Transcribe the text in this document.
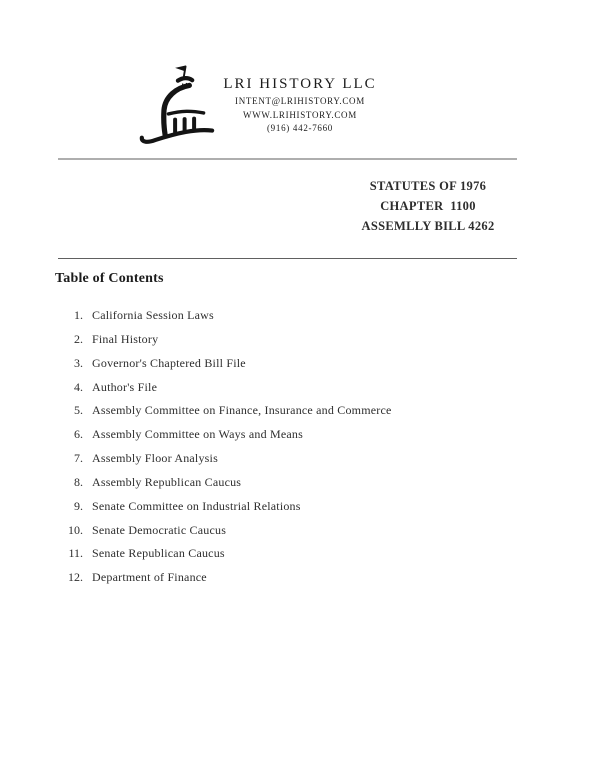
LRI HISTORY LLC
INTENT@LRIHISTORY.COM
WWW.LRIHISTORY.COM
(916) 442-7660
STATUTES OF 1976
CHAPTER  1100
ASSEMLLY BILL 4262
Table of Contents
1. California Session Laws
2. Final History
3. Governor's Chaptered Bill File
4. Author's File
5. Assembly Committee on Finance, Insurance and Commerce
6. Assembly Committee on Ways and Means
7. Assembly Floor Analysis
8. Assembly Republican Caucus
9. Senate Committee on Industrial Relations
10. Senate Democratic Caucus
11. Senate Republican Caucus
12. Department of Finance
